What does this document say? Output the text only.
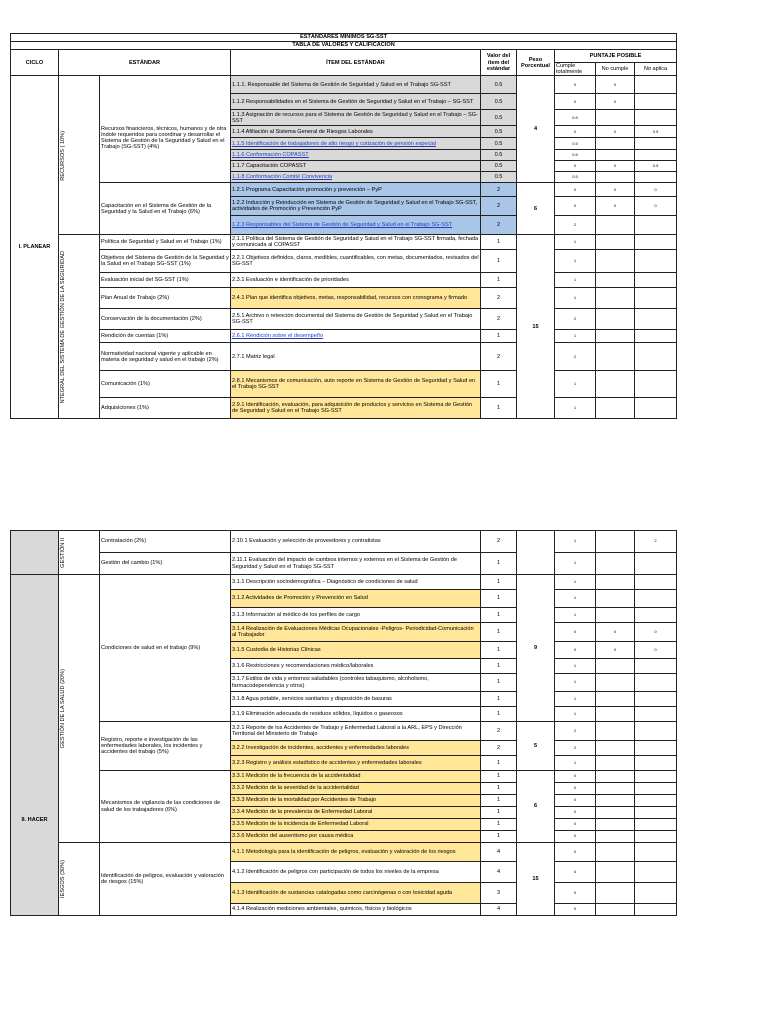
ESTÁNDARES MÍNIMOS SG-SST								
TABLA DE VALORES Y CALIFICACIÓN								
CICLO	ESTÁNDAR		ÍTEM DEL ESTÁNDAR	Valor del ítem del estándar	Peso Porcentual	PUNTAJE POSIBLE		
						Cumple totalmente	No cumple	No aplica
I. PLANEAR	RECURSOS ( 10%)		1.1.1. Responsable del Sistema de Gestión de Seguridad y Salud en el Trabajo SG-SST	0.5	4	0	0	
		Recursos financieros, técnicos, humanos y de otra índole requeridos para coordinar y desarrollar el Sistema de Gestión de la Seguridad y Salud en el Trabajo (SG-SST) (4%)	1.1.2 Responsabilidades en el Sistema de Gestión de Seguridad y Salud en el Trabajo – SG-SST	0.5		0	0	
			1.1.3 Asignación de recursos para el Sistema de Gestión de Seguridad y Salud en el Trabajo – SG-SST	0.5		0.5		
			1.1.4 Afiliación al Sistema General de Riesgos Laborales	0.5		0	0	0.5
			1.1.5 Identificación de trabajadores de alto riesgo y cotización de pensión especial	0.5		0.5		
			1.1.6 Conformación COPASST	0.5		0.5		
			1.1.7 Capacitación COPASST	0.5		0	0	0.5
			1.1.8 Conformación Comité Convivencia	0.5		0.5		
		Capacitación en el Sistema de Gestión de la Seguridad y la Salud en el Trabajo (6%)	1.2.1 Programa Capacitación promoción y prevención – PyP	2	6	0	0	0
			1.2.2 Inducción y Reinducción en Sistema de Gestión de Seguridad y Salud en el Trabajo SG-SST, actividades de Promoción y Prevención PyP	2		0	0	0
			1.2.3 Responsables del Sistema de Gestión de Seguridad y Salud en el Trabajo SG-SST	2		2		

	NTEGRAL DEL SISTEMA DE GESTIÓN DE LA SEGURIDAD	Política de Seguridad y Salud en el Trabajo (1%)	2.1.1 Política del Sistema de Gestión de Seguridad y Salud en el Trabajo SG-SST firmada, fechada y comunicada al COPASST	1	15	1		
		Objetivos del Sistema de Gestión de la Seguridad y la Salud en el Trabajo SG-SST (1%)	2.2.1 Objetivos definidos, claros, medibles, cuantificables, con metas, documentados, revisados del SG-SST	1		1		
		Evaluación inicial del SG-SST (1%)	2.3.1 Evaluación e identificación de prioridades	1		1		
		Plan Anual de Trabajo (2%)	2.4.1 Plan que identifica objetivos, metas, responsabilidad, recursos con cronograma y firmado	2		1		
		Conservación de la documentación (2%)	2.5.1 Archivo o retención documental del Sistema de Gestión de Seguridad y Salud en el Trabajo SG-SST	2		2		
		Rendición de cuentas (1%)	2.6.1 Rendición sobre el desempeño	1		1		
		Normatividad nacional vigente y aplicable en materia de seguridad y salud en el trabajo (2%)	2.7.1 Matriz legal	2		2		
		Comunicación (1%)	2.8.1 Mecanismos de comunicación, auto reporte en Sistema de Gestión de Seguridad y Salud en el Trabajo SG-SST	1		1		
		Adquisiciones (1%)	2.9.1 Identificación, evaluación, para adquisición de productos y servicios en Sistema de Gestión de Seguridad y Salud en el Trabajo SG-SST	1		1		

	GESTIÓN II	Contratación (2%)	2.10.1 Evaluación y selección de proveedores y contratistas	2		1		2
		Gestión del cambio (1%)	2.11.1 Evaluación del impacto de cambios internos y externos en el Sistema de Gestión de Seguridad y Salud en el Trabajo SG-SST	1		1		
II. HACER	GESTIÓN DE LA SALUD (20%)	Condiciones de salud en el trabajo (9%)	3.1.1 Descripción sociodemográfica – Diagnóstico de condiciones de salud	1	9	1		
			3.1.2 Actividades de Promoción y Prevención en Salud	1		1		
			3.1.3 Información al médico de los perfiles de cargo	1		1		
			3.1.4 Realización de Evaluaciones Médicas Ocupacionales -Peligros- Periodicidad-Comunicación al Trabajador	1		0	0	0
			3.1.5 Custodia de Historias Clínicas	1		0	0	0
			3.1.6 Restricciones y recomendaciones médico/laborales	1		1		
			3.1.7 Estilos de vida y entornos saludables (controles tabaquismo, alcoholismo, farmacodependencia y otros)	1		1		
			3.1.8 Agua potable, servicios sanitarios y disposición de basuras	1		1		
			3.1.9 Eliminación adecuada de residuos sólidos, líquidos o gaseosos	1		1		
		Registro, reporte e investigación de las enfermedades laborales, los incidentes y accidentes del trabajo (5%)	3.2.1 Reporte de los Accidentes de Trabajo y Enfermedad Laboral a la ARL, EPS y Dirección Territorial del Ministerio de Trabajo	2	5	2		
			3.2.2 Investigación de incidentes, accidentes y enfermedades laborales	2		2		
			3.2.3 Registro y análisis estadístico de accidentes y enfermedades laborales	1		1		
		Mecanismos de vigilancia de las condiciones de salud de los trabajadores (6%)	3.3.1 Medición de la frecuencia de la accidentalidad	1	6	0		
			3.3.2 Medición de la severidad de la accidentalidad	1		0		
			3.3.3 Medición de la mortalidad por Accidentes de Trabajo	1		0		
			3.3.4 Medición de la prevalencia de Enfermedad Laboral	1		0		
			3.3.5 Medición de la incidencia de Enfermedad Laboral	1		0		
			3.3.6 Medición del ausentismo por causa médica	1		0		

	IESGOS (30%)	Identificación de peligros, evaluación y valoración de riesgos (15%)	4.1.1 Metodología para la identificación de peligros, evaluación y valoración de los riesgos	4	15	0		
			4.1.2 Identificación de peligros con participación de todos los niveles de la empresa	4		4		
			4.1.3 Identificación de sustancias catalogadas como carcinógenas o con toxicidad aguda	3		0		
			4.1.4 Realización mediciones ambientales, químicos, físicos y biológicos	4		0		
